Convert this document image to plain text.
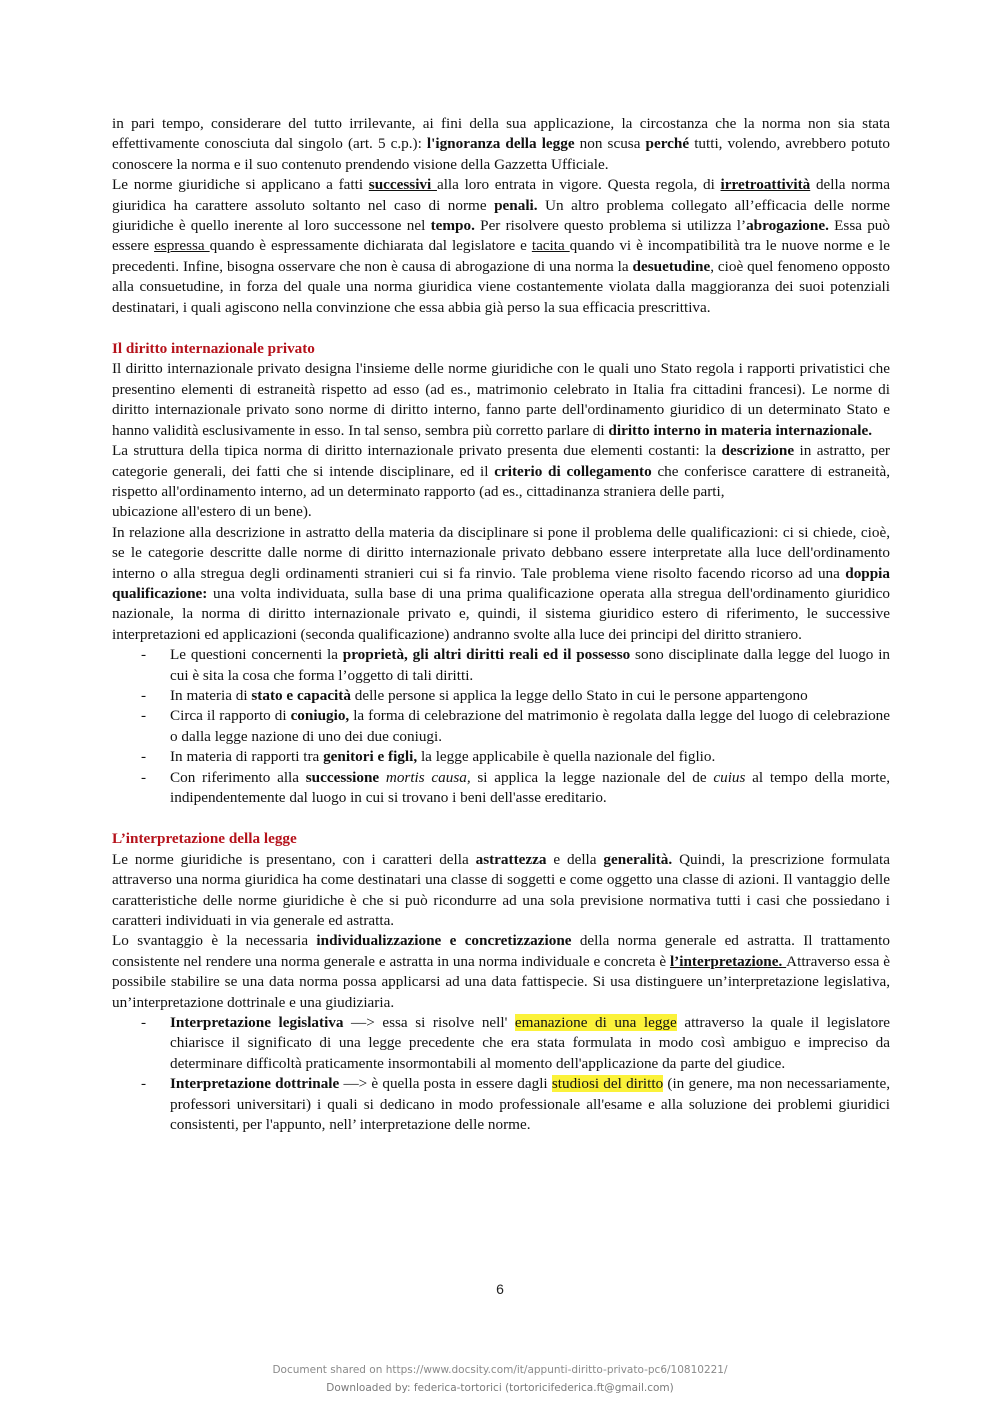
in pari tempo, considerare del tutto irrilevante, ai fini della sua applicazione, la circostanza che la norma non sia stata effettivamente conosciuta dal singolo (art. 5 c.p.): l'ignoranza della legge non scusa perché tutti, volendo, avrebbero potuto conoscere la norma e il suo contenuto prendendo visione della Gazzetta Ufficiale.

Le norme giuridiche si applicano a fatti successivi alla loro entrata in vigore. Questa regola, di irretroattività della norma giuridica ha carattere assoluto soltanto nel caso di norme penali. Un altro problema collegato all’efficacia delle norme giuridiche è quello inerente al loro successone nel tempo. Per risolvere questo problema si utilizza l’abrogazione. Essa può essere espressa quando è espressamente dichiarata dal legislatore e tacita quando vi è incompatibilità tra le nuove norme e le precedenti. Infine, bisogna osservare che non è causa di abrogazione di una norma la desuetudine, cioè quel fenomeno opposto alla consuetudine, in forza del quale una norma giuridica viene costantemente violata dalla maggioranza dei suoi potenziali destinatari, i quali agiscono nella convinzione che essa abbia già perso la sua efficacia prescrittiva.

Il diritto internazionale privato

Il diritto internazionale privato designa l'insieme delle norme giuridiche con le quali uno Stato regola i rapporti privatistici che presentino elementi di estraneità rispetto ad esso (ad es., matrimonio celebrato in Italia fra cittadini francesi). Le norme di diritto internazionale privato sono norme di diritto interno, fanno parte dell'ordinamento giuridico di un determinato Stato e hanno validità esclusivamente in esso. In tal senso, sembra più corretto parlare di diritto interno in materia internazionale.

La struttura della tipica norma di diritto internazionale privato presenta due elementi costanti: la descrizione in astratto, per categorie generali, dei fatti che si intende disciplinare, ed il criterio di collegamento che conferisce carattere di estraneità, rispetto all'ordinamento interno, ad un determinato rapporto (ad es., cittadinanza straniera delle parti,
ubicazione all'estero di un bene).

In relazione alla descrizione in astratto della materia da disciplinare si pone il problema delle qualificazioni: ci si chiede, cioè, se le categorie descritte dalle norme di diritto internazionale privato debbano essere interpretate alla luce dell'ordinamento interno o alla stregua degli ordinamenti stranieri cui si fa rinvio. Tale problema viene risolto facendo ricorso ad una doppia qualificazione: una volta individuata, sulla base di una prima qualificazione operata alla stregua dell'ordinamento giuridico nazionale, la norma di diritto internazionale privato e, quindi, il sistema giuridico estero di riferimento, le successive interpretazioni ed applicazioni (seconda qualificazione) andranno svolte alla luce dei principi del diritto straniero.

- Le questioni concernenti la proprietà, gli altri diritti reali ed il possesso sono disciplinate dalla legge del luogo in cui è sita la cosa che forma l’oggetto di tali diritti.
- In materia di stato e capacità delle persone si applica la legge dello Stato in cui le persone appartengono
- Circa il rapporto di coniugio, la forma di celebrazione del matrimonio è regolata dalla legge del luogo di celebrazione o dalla legge nazione di uno dei due coniugi.
- In materia di rapporti tra genitori e figli, la legge applicabile è quella nazionale del figlio.
- Con riferimento alla successione mortis causa, si applica la legge nazionale del de cuius al tempo della morte, indipendentemente dal luogo in cui si trovano i beni dell'asse ereditario.

L’interpretazione della legge

Le norme giuridiche is presentano, con i caratteri della astrattezza e della generalità. Quindi, la prescrizione formulata attraverso una norma giuridica ha come destinatari una classe di soggetti e come oggetto una classe di azioni. Il vantaggio delle caratteristiche delle norme giuridiche è che si può ricondurre ad una sola previsione normativa tutti i casi che possiedano i caratteri individuati in via generale ed astratta.

Lo svantaggio è la necessaria individualizzazione e concretizzazione della norma generale ed astratta. Il trattamento consistente nel rendere una norma generale e astratta in una norma individuale e concreta è l’interpretazione. Attraverso essa è possibile stabilire se una data norma possa applicarsi ad una data fattispecie. Si usa distinguere un’interpretazione legislativa, un’interpretazione dottrinale e una giudiziaria.

- Interpretazione legislativa —> essa si risolve nell' emanazione di una legge attraverso la quale il legislatore chiarisce il significato di una legge precedente che era stata formulata in modo così ambiguo e impreciso da determinare difficoltà praticamente insormontabili al momento dell'applicazione da parte del giudice.
- Interpretazione dottrinale —> è quella posta in essere dagli studiosi del diritto (in genere, ma non necessariamente, professori universitari) i quali si dedicano in modo professionale all'esame e alla soluzione dei problemi giuridici consistenti, per l'appunto, nell’ interpretazione delle norme.
6
Document shared on https://www.docsity.com/it/appunti-diritto-privato-pc6/10810221/
Downloaded by: federica-tortorici (tortoricifederica.ft@gmail.com)
